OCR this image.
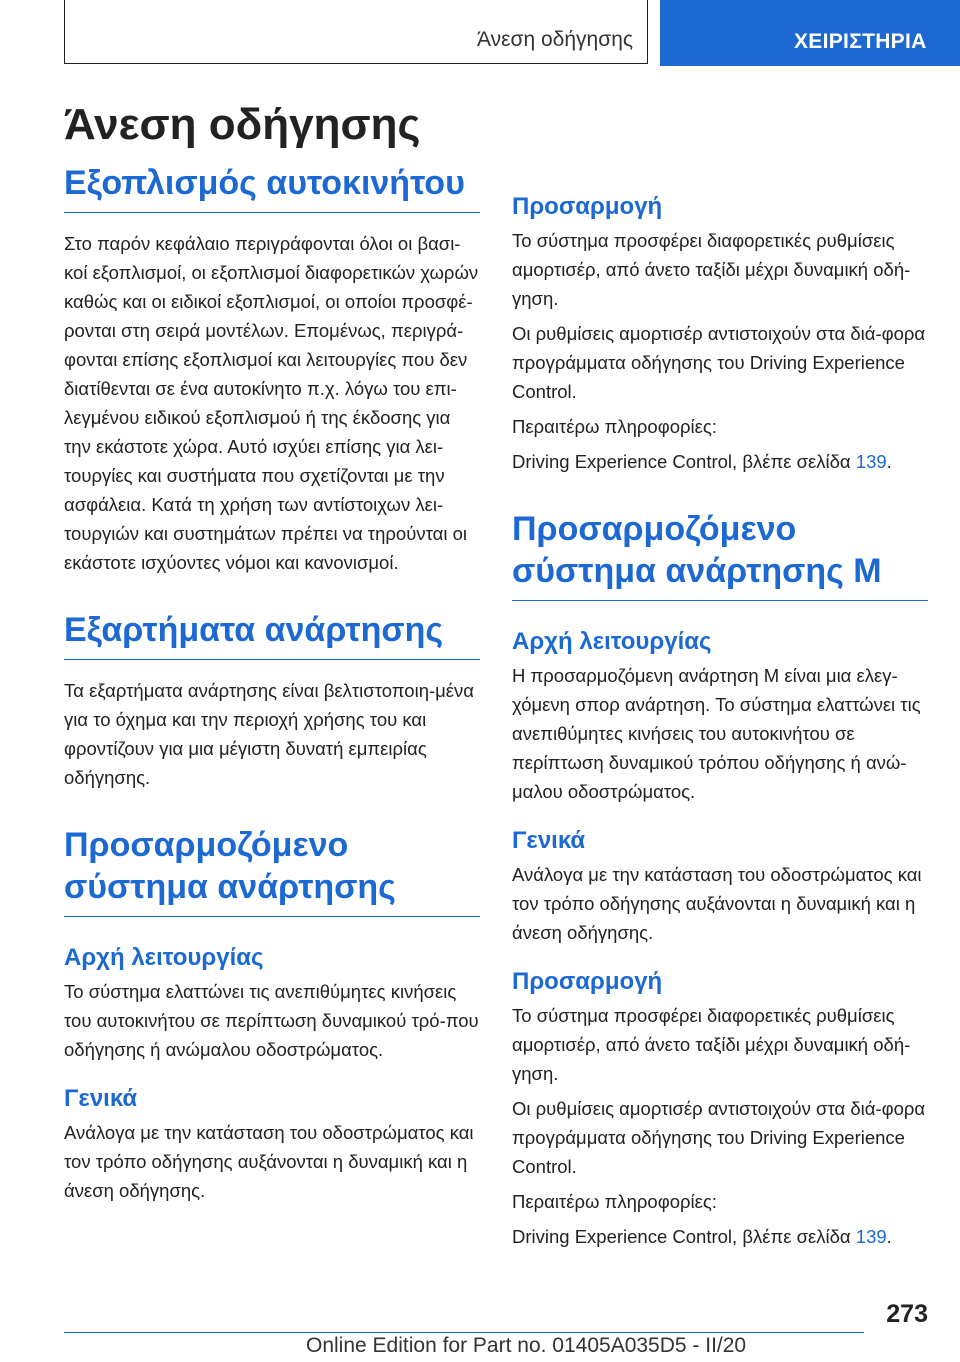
Άνεση οδήγησης	ΧΕΙΡΙΣΤΗΡΙΑ
Άνεση οδήγησης
Εξοπλισμός αυτοκινήτου

Στο παρόν κεφάλαιο περιγράφονται όλοι οι βασι-κοί εξοπλισμοί, οι εξοπλισμοί διαφορετικών χωρών καθώς και οι ειδικοί εξοπλισμοί, οι οποίοι προσφέ-ρονται στη σειρά μοντέλων. Επομένως, περιγρά-φονται επίσης εξοπλισμοί και λειτουργίες που δεν διατίθενται σε ένα αυτοκίνητο π.χ. λόγω του επι-λεγμένου ειδικού εξοπλισμού ή της έκδοσης για την εκάστοτε χώρα. Αυτό ισχύει επίσης για λει-τουργίες και συστήματα που σχετίζονται με την ασφάλεια. Κατά τη χρήση των αντίστοιχων λει-τουργιών και συστημάτων πρέπει να τηρούνται οι εκάστοτε ισχύοντες νόμοι και κανονισμοί.

Εξαρτήματα ανάρτησης

Τα εξαρτήματα ανάρτησης είναι βελτιστοποιη-μένα για το όχημα και την περιοχή χρήσης του και φροντίζουν για μια μέγιστη δυνατή εμπειρίας οδήγησης.

Προσαρμοζόμενο σύστημα ανάρτησης
Αρχή λειτουργίας

Το σύστημα ελαττώνει τις ανεπιθύμητες κινήσεις του αυτοκινήτου σε περίπτωση δυναμικού τρό-που οδήγησης ή ανώμαλου οδοστρώματος.

Γενικά

Ανάλογα με την κατάσταση του οδοστρώματος και τον τρόπο οδήγησης αυξάνονται η δυναμική και η άνεση οδήγησης.

Προσαρμογή

Το σύστημα προσφέρει διαφορετικές ρυθμίσεις αμορτισέρ, από άνετο ταξίδι μέχρι δυναμική οδή-γηση.

Οι ρυθμίσεις αμορτισέρ αντιστοιχούν στα διά-φορα προγράμματα οδήγησης του Driving Experience Control.

Περαιτέρω πληροφορίες:

Driving Experience Control, βλέπε σελίδα 139.

Προσαρμοζόμενο σύστημα ανάρτησης M
Αρχή λειτουργίας

Η προσαρμοζόμενη ανάρτηση M είναι μια ελεγ-χόμενη σπορ ανάρτηση. Το σύστημα ελαττώνει τις ανεπιθύμητες κινήσεις του αυτοκινήτου σε περίπτωση δυναμικού τρόπου οδήγησης ή ανώ-μαλου οδοστρώματος.

Γενικά

Ανάλογα με την κατάσταση του οδοστρώματος και τον τρόπο οδήγησης αυξάνονται η δυναμική και η άνεση οδήγησης.

Προσαρμογή

Το σύστημα προσφέρει διαφορετικές ρυθμίσεις αμορτισέρ, από άνετο ταξίδι μέχρι δυναμική οδή-γηση.

Οι ρυθμίσεις αμορτισέρ αντιστοιχούν στα διά-φορα προγράμματα οδήγησης του Driving Experience Control.

Περαιτέρω πληροφορίες:

Driving Experience Control, βλέπε σελίδα 139.

273
Online Edition for Part no. 01405A035D5 - II/20
